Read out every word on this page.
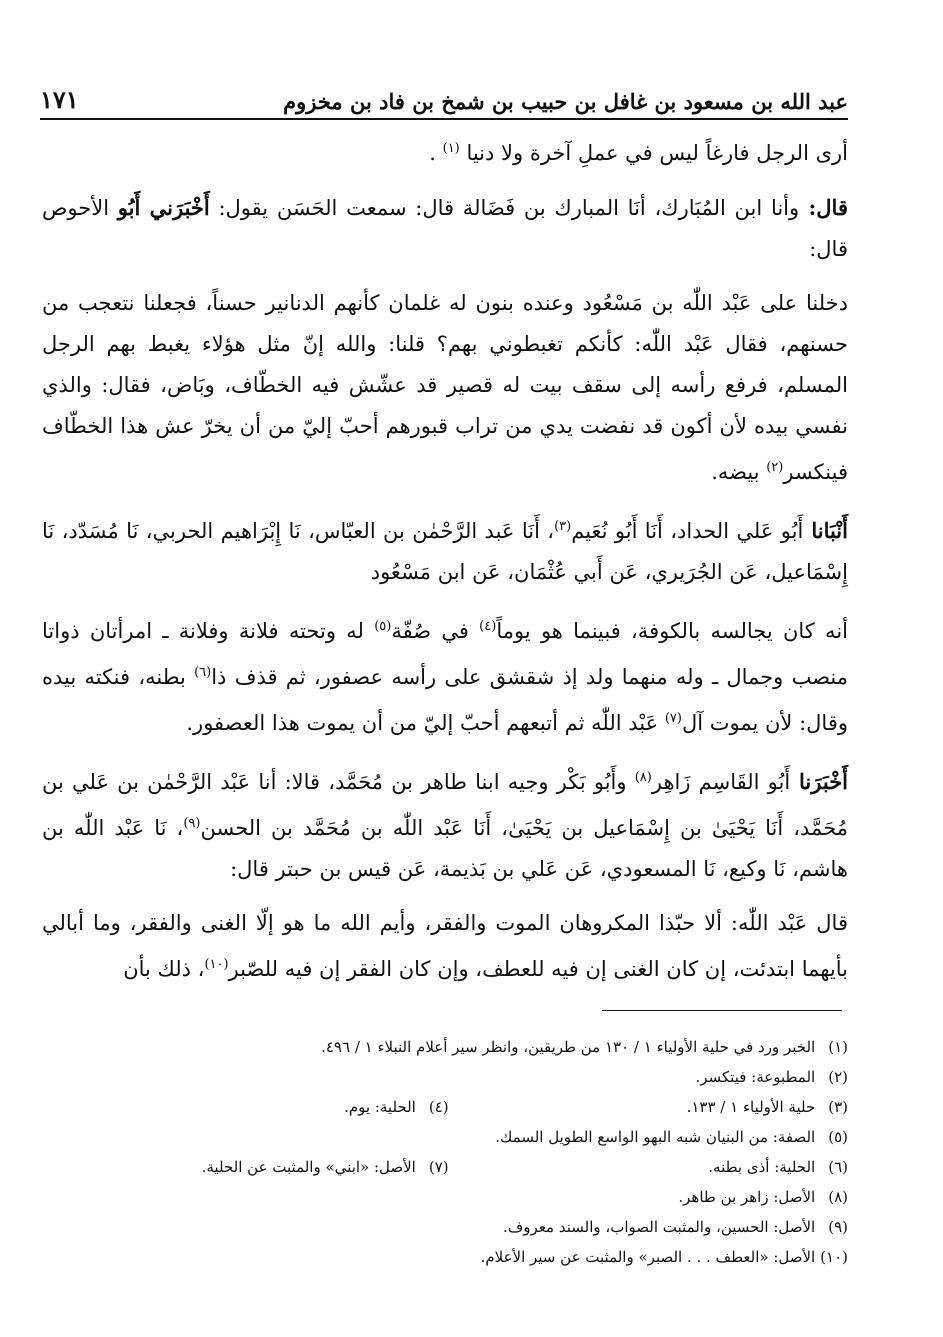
١٧١	عبد الله بن مسعود بن غافل بن حبيب بن شمخ بن فاد بن مخزوم

أرى الرجل فارغاً ليس في عملِ آخرة ولا دنيا $^{(١)}$ .

قال: وأنا ابن المُبَارك، أنَا المبارك بن فَضَالة قال: سمعت الحَسَن يقول: أَخْبَرَني أَبُو الأحوص قال:

دخلنا على عَبْد اللّٰه بن مَسْعُود وعنده بنون له غلمان كأنهم الدنانير حسناً، فجعلنا نتعجب من حسنهم، فقال عَبْد اللّٰه: كأنكم تغبطوني بهم؟ قلنا: والله إنّ مثل هؤلاء يغبط بهم الرجل المسلم، فرفع رأسه إلى سقف بيت له قصير قد عشّش فيه الخطّاف، وبَاض، فقال: والذي نفسي بيده لأن أكون قد نفضت يدي من تراب قبورهم أحبّ إليّ من أن يخرّ عش هذا الخطّاف فينكسر$^{(٢)}$ بيضه.

أَنْبَانا أَبُو عَلي الحداد، أَنَا أَبُو نُعَيم$^{(٣)}$، أَنَا عَبد الرَّحْمٰن بن العبّاس، نَا إِبْرَاهيم الحربي، نَا مُسَدّد، نَا إِسْمَاعيل، عَن الجُرَيري، عَن أَبي عُثْمَان، عَن ابن مَسْعُود

أنه كان يجالسه بالكوفة، فبينما هو يوماً$^{(٤)}$ في صُفّة$^{(٥)}$ له وتحته فلانة وفلانة ـ امرأتان ذواتا منصب وجمال ـ وله منهما ولد إذ شقشق على رأسه عصفور، ثم قذف ذا$^{(٦)}$ بطنه، فنكته بيده وقال: لأن يموت آل$^{(٧)}$ عَبْد اللّٰه ثم أتبعهم أحبّ إليّ من أن يموت هذا العصفور.

أَخْبَرَنا أَبُو القَاسِم زَاهِر$^{(٨)}$ وأَبُو بَكْر وجيه ابنا طاهر بن مُحَمَّد، قالا: أنا عَبْد الرَّحْمٰن بن عَلي بن مُحَمَّد، أَنَا يَحْيَىٰ بن إِسْمَاعيل بن يَحْيَىٰ، أَنَا عَبْد اللّٰه بن مُحَمَّد بن الحسن$^{(٩)}$، نَا عَبْد اللّٰه بن هاشم، نَا وكيع، نَا المسعودي، عَن عَلي بن بَذيمة، عَن قيس بن حبتر قال:

قال عَبْد اللّٰه: ألا حبّذا المكروهان الموت والفقر، وأيم الله ما هو إلّا الغنى والفقر، وما أبالي بأيهما ابتدئت، إن كان الغنى إن فيه للعطف، وإن كان الفقر إن فيه للصّبر$^{(١٠)}$، ذلك بأن

(١) الخبر ورد في حلية الأولياء ١ / ١٣٠ من طريقين، وانظر سير أعلام النبلاء ١ / ٤٩٦.
(٢) المطبوعة: فيتكسر.
(٣) حلية الأولياء ١ / ١٣٣.
(٤) الحلية: يوم.
(٥) الصفة: من البنيان شبه البهو الواسع الطويل السمك.
(٦) الحلية: أذى بطنه.
(٧) الأصل: «ابني» والمثبت عن الحلية.
(٨) الأصل: زاهر بن طاهر.
(٩) الأصل: الحسين، والمثبت الصواب، والسند معروف.
(١٠) الأصل: «العطف . . . الصبر» والمثبت عن سير الأعلام.
